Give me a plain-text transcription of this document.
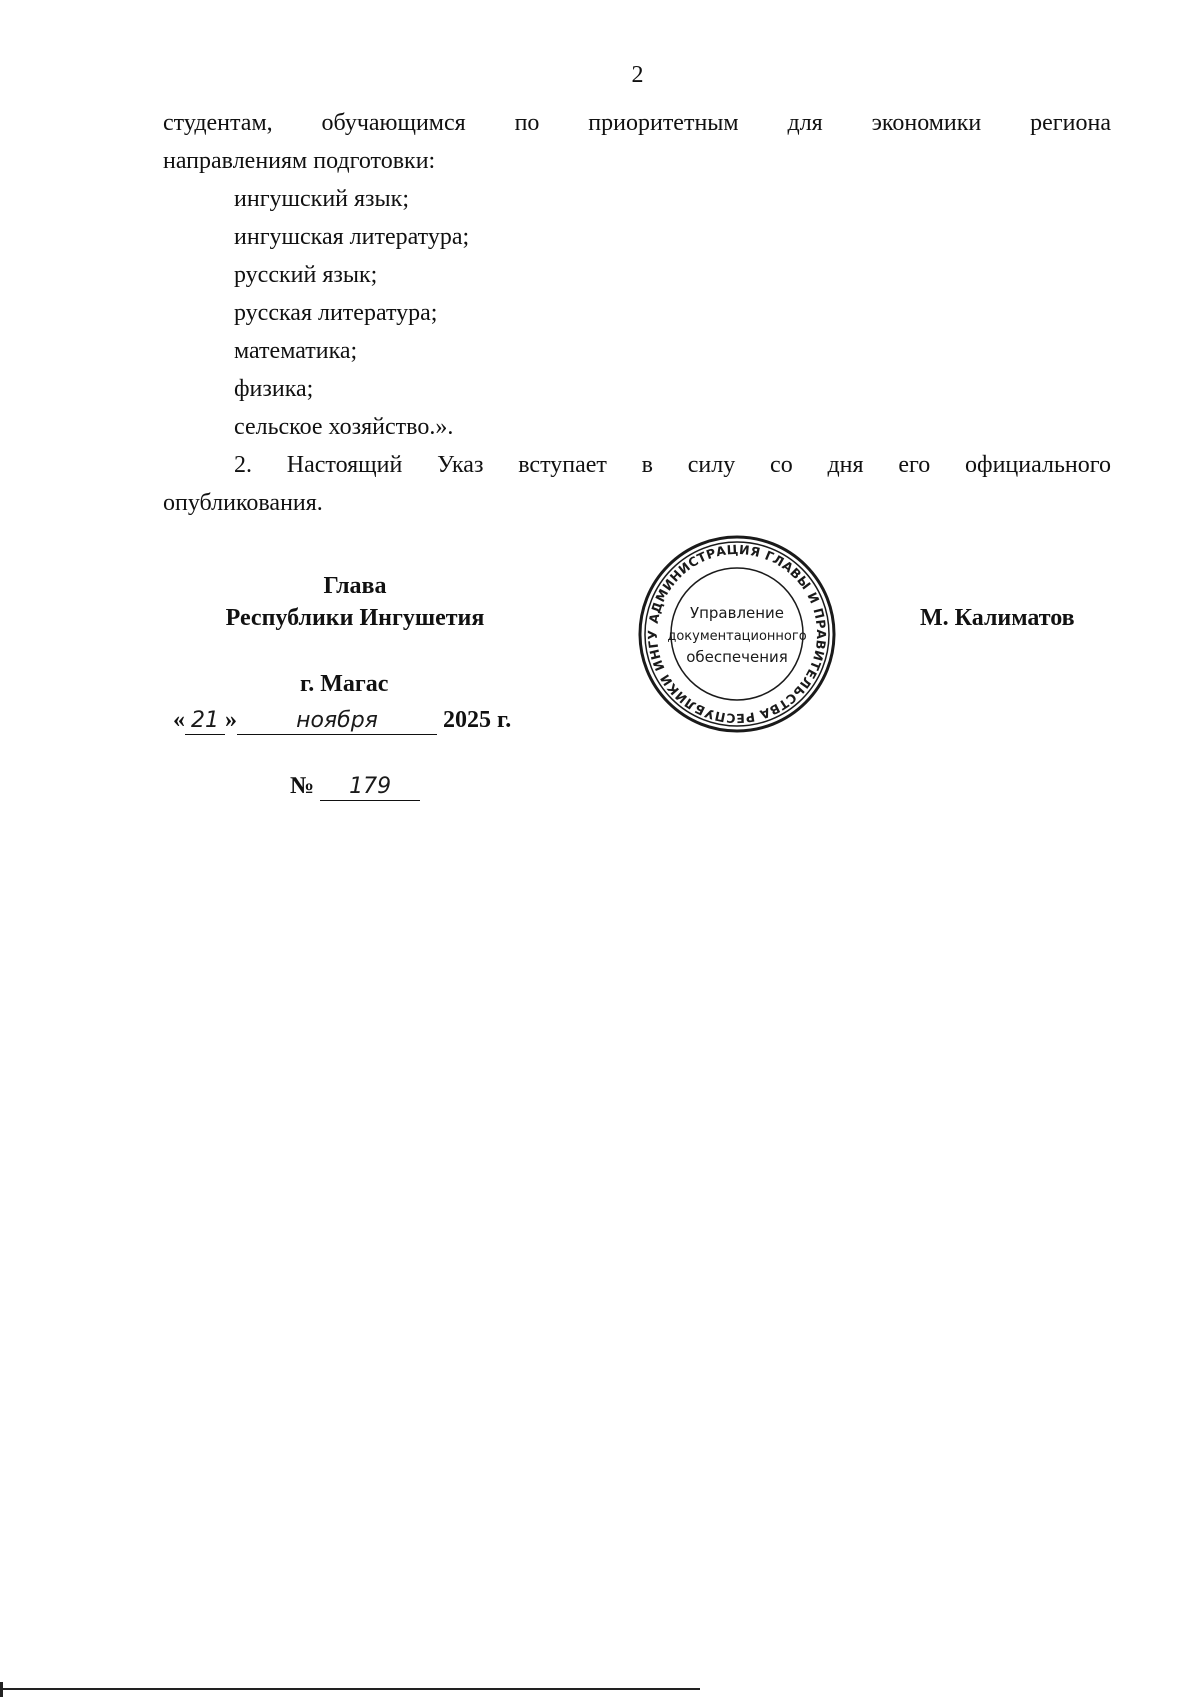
2
студентам, обучающимся по приоритетным для экономики региона
направлениям подготовки:
ингушский язык;
ингушская литература;
русский язык;
русская литература;
математика;
физика;
сельское хозяйство.».
2. Настоящий Указ вступает в силу со дня его официального
опубликования.
Глава
Республики Ингушетия	АДМИНИСТРАЦИЯ ГЛАВЫ И ПРАВИТЕЛЬСТВА РЕСПУБЛИКИ ИНГУ
Управление
документационного
обеспечения
М. Калиматов
г. Магас
« 21 »	ноября	2025 г.
№ 179
